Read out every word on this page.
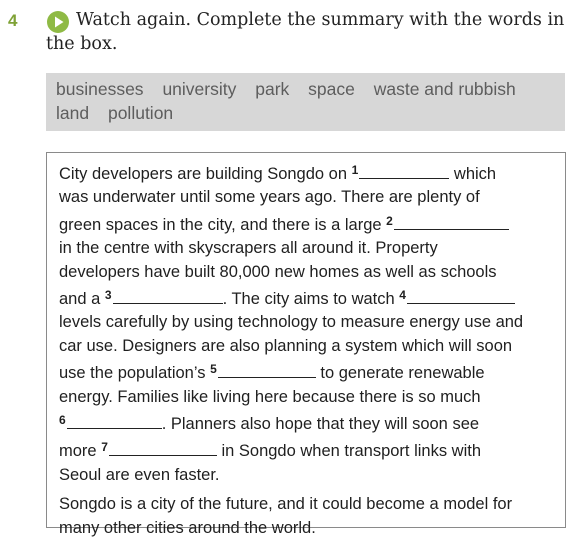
4	Watch again. Complete the summary with the words in
the box.

businesses university park space waste and rubbish
land pollution

City developers are building Songdo on $^1$	which
was underwater until some years ago. There are plenty of
green spaces in the city, and there is a large $^2$
in the centre with skyscrapers all around it. Property
developers have built 80,000 new homes as well as schools
and a $^3$	. The city aims to watch $^4$
levels carefully by using technology to measure energy use and
car use. Designers are also planning a system which will soon
use the population’s $^5$	to generate renewable
energy. Families like living here because there is so much
$^6$	. Planners also hope that they will soon see
more $^7$	in Songdo when transport links with
Seoul are even faster.

Songdo is a city of the future, and it could become a model for
many other cities around the world.
